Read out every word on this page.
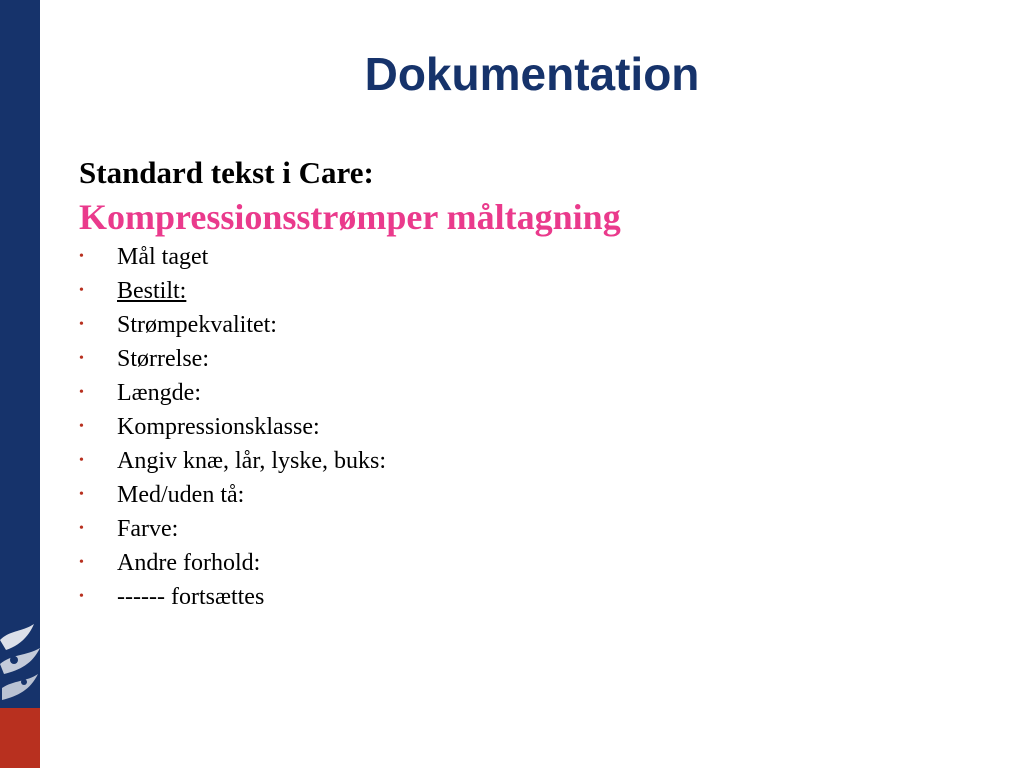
Dokumentation
Standard tekst i Care:
Kompressionsstrømper måltagning
•	Mål taget
•	Bestilt:
•	Strømpekvalitet:
•	Størrelse:
•	Længde:
•	Kompressionsklasse:
•	Angiv knæ, lår, lyske, buks:
•	Med/uden tå:
•	Farve:
•	Andre forhold:
•	------ fortsættes
